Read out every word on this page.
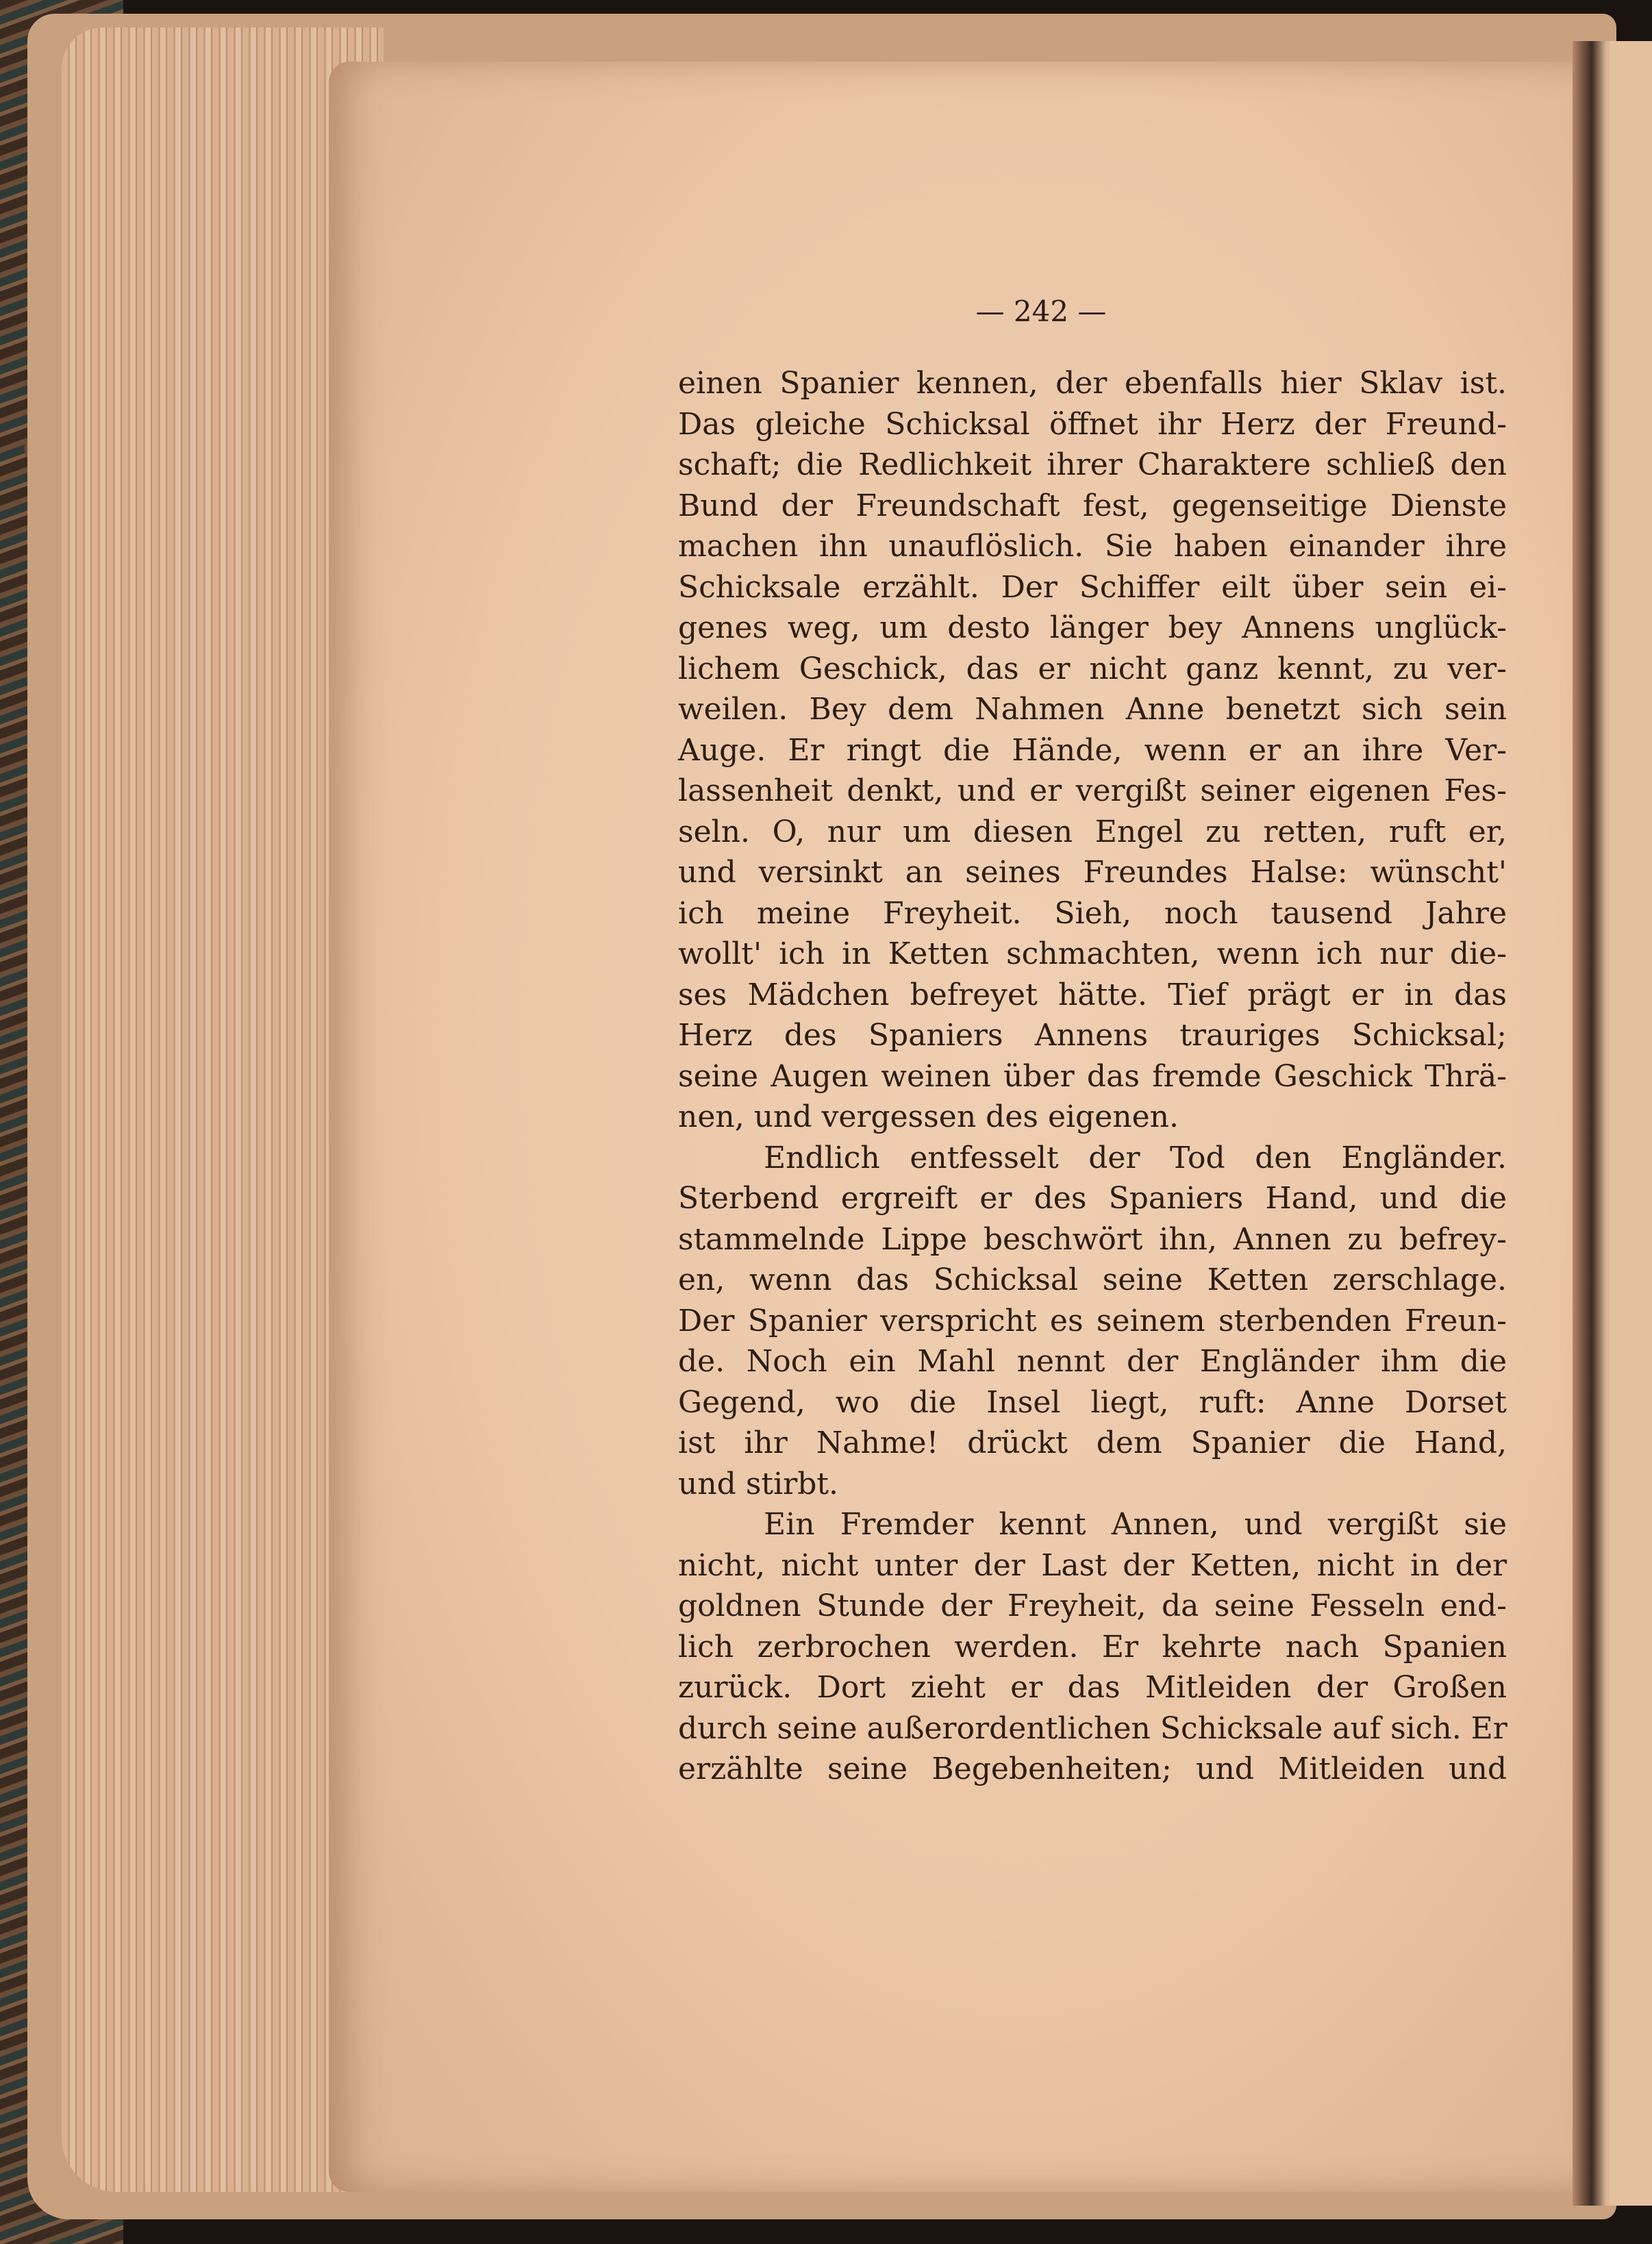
— 242 —
einen Spanier kennen, der ebenfalls hier Sklav ist.
Das gleiche Schicksal öffnet ihr Herz der Freund-
schaft; die Redlichkeit ihrer Charaktere schließ den
Bund der Freundschaft fest, gegenseitige Dienste
machen ihn unauflöslich. Sie haben einander ihre
Schicksale erzählt. Der Schiffer eilt über sein ei-
genes weg, um desto länger bey Annens unglück-
lichem Geschick, das er nicht ganz kennt, zu ver-
weilen. Bey dem Nahmen Anne benetzt sich sein
Auge. Er ringt die Hände, wenn er an ihre Ver-
lassenheit denkt, und er vergißt seiner eigenen Fes-
seln. O, nur um diesen Engel zu retten, ruft er,
und versinkt an seines Freundes Halse: wünscht'
ich meine Freyheit. Sieh, noch tausend Jahre
wollt' ich in Ketten schmachten, wenn ich nur die-
ses Mädchen befreyet hätte. Tief prägt er in das
Herz des Spaniers Annens trauriges Schicksal;
seine Augen weinen über das fremde Geschick Thrä-
nen, und vergessen des eigenen.
Endlich entfesselt der Tod den Engländer.
Sterbend ergreift er des Spaniers Hand, und die
stammelnde Lippe beschwört ihn, Annen zu befrey-
en, wenn das Schicksal seine Ketten zerschlage.
Der Spanier verspricht es seinem sterbenden Freun-
de. Noch ein Mahl nennt der Engländer ihm die
Gegend, wo die Insel liegt, ruft: Anne Dorset
ist ihr Nahme! drückt dem Spanier die Hand,
und stirbt.
Ein Fremder kennt Annen, und vergißt sie
nicht, nicht unter der Last der Ketten, nicht in der
goldnen Stunde der Freyheit, da seine Fesseln end-
lich zerbrochen werden. Er kehrte nach Spanien
zurück. Dort zieht er das Mitleiden der Großen
durch seine außerordentlichen Schicksale auf sich. Er
erzählte seine Begebenheiten; und Mitleiden und
